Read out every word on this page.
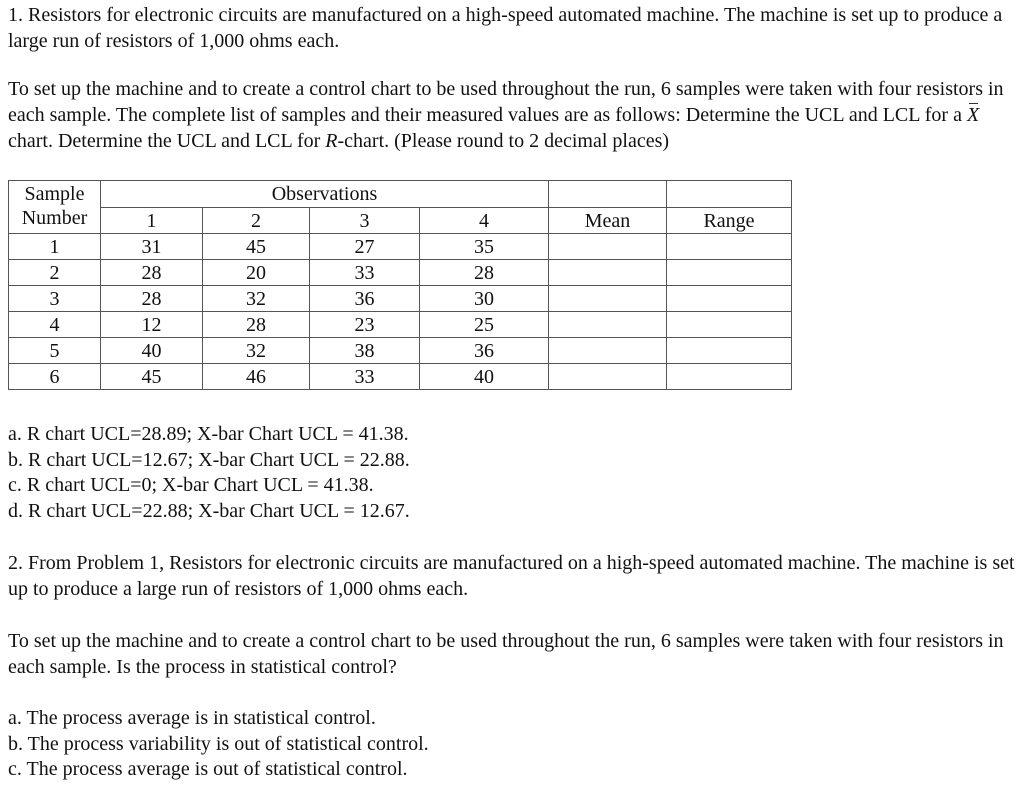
1. Resistors for electronic circuits are manufactured on a high-speed automated machine. The machine is set up to produce a large run of resistors of 1,000 ohms each.

To set up the machine and to create a control chart to be used throughout the run, 6 samples were taken with four resistors in each sample. The complete list of samples and their measured values are as follows: Determine the UCL and LCL for a Xchart. Determine the UCL and LCL for R-chart. (Please round to 2 decimal places)

Sample
Number	Observations					
	1	2	3	4	Mean	Range
1	31	45	27	35		
2	28	20	33	28		
3	28	32	36	30		
4	12	28	23	25		
5	40	32	38	36		
6	45	46	33	40		

a. R chart UCL=28.89; X-bar Chart UCL = 41.38.

b. R chart UCL=12.67; X-bar Chart UCL = 22.88.

c. R chart UCL=0; X-bar Chart UCL = 41.38.

d. R chart UCL=22.88; X-bar Chart UCL = 12.67.

2. From Problem 1, Resistors for electronic circuits are manufactured on a high-speed automated machine. The machine is set up to produce a large run of resistors of 1,000 ohms each.

To set up the machine and to create a control chart to be used throughout the run, 6 samples were taken with four resistors in each sample. Is the process in statistical control?

a. The process average is in statistical control.

b. The process variability is out of statistical control.

c. The process average is out of statistical control.
